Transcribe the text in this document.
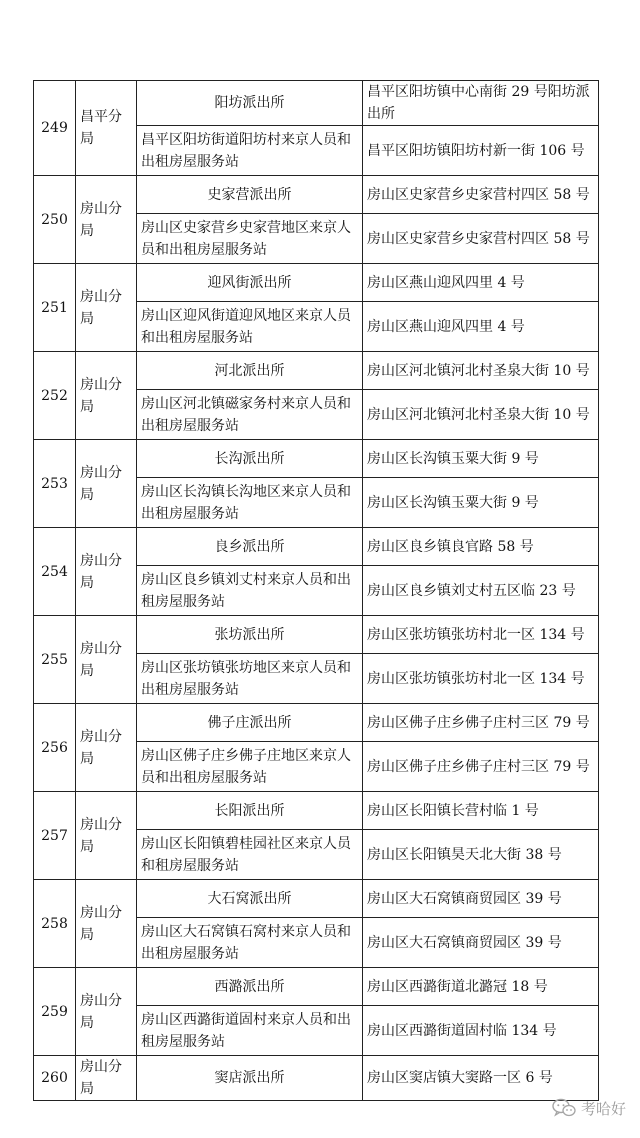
249	昌平分局	阳坊派出所	昌平区阳坊镇中心南街 29 号阳坊派出所
		昌平区阳坊街道阳坊村来京人员和出租房屋服务站	昌平区阳坊镇阳坊村新一街 106 号
250	房山分局	史家营派出所	房山区史家营乡史家营村四区 58 号
		房山区史家营乡史家营地区来京人员和出租房屋服务站	房山区史家营乡史家营村四区 58 号
251	房山分局	迎风街派出所	房山区燕山迎风四里 4 号
		房山区迎风街道迎风地区来京人员和出租房屋服务站	房山区燕山迎风四里 4 号
252	房山分局	河北派出所	房山区河北镇河北村圣泉大街 10 号
		房山区河北镇磁家务村来京人员和出租房屋服务站	房山区河北镇河北村圣泉大街 10 号
253	房山分局	长沟派出所	房山区长沟镇玉粟大街 9 号
		房山区长沟镇长沟地区来京人员和出租房屋服务站	房山区长沟镇玉粟大街 9 号
254	房山分局	良乡派出所	房山区良乡镇良官路 58 号
		房山区良乡镇刘丈村来京人员和出租房屋服务站	房山区良乡镇刘丈村五区临 23 号
255	房山分局	张坊派出所	房山区张坊镇张坊村北一区 134 号
		房山区张坊镇张坊地区来京人员和出租房屋服务站	房山区张坊镇张坊村北一区 134 号
256	房山分局	佛子庄派出所	房山区佛子庄乡佛子庄村三区 79 号
		房山区佛子庄乡佛子庄地区来京人员和出租房屋服务站	房山区佛子庄乡佛子庄村三区 79 号
257	房山分局	长阳派出所	房山区长阳镇长营村临 1 号
		房山区长阳镇碧桂园社区来京人员和租房屋服务站	房山区长阳镇昊天北大街 38 号
258	房山分局	大石窝派出所	房山区大石窝镇商贸园区 39 号
		房山区大石窝镇石窝村来京人员和出租房屋服务站	房山区大石窝镇商贸园区 39 号
259	房山分局	西潞派出所	房山区西潞街道北潞冠 18 号
		房山区西潞街道固村来京人员和出租房屋服务站	房山区西潞街道固村临 134 号
260	房山分局	窦店派出所	房山区窦店镇大窦路一区 6 号
考哈好
